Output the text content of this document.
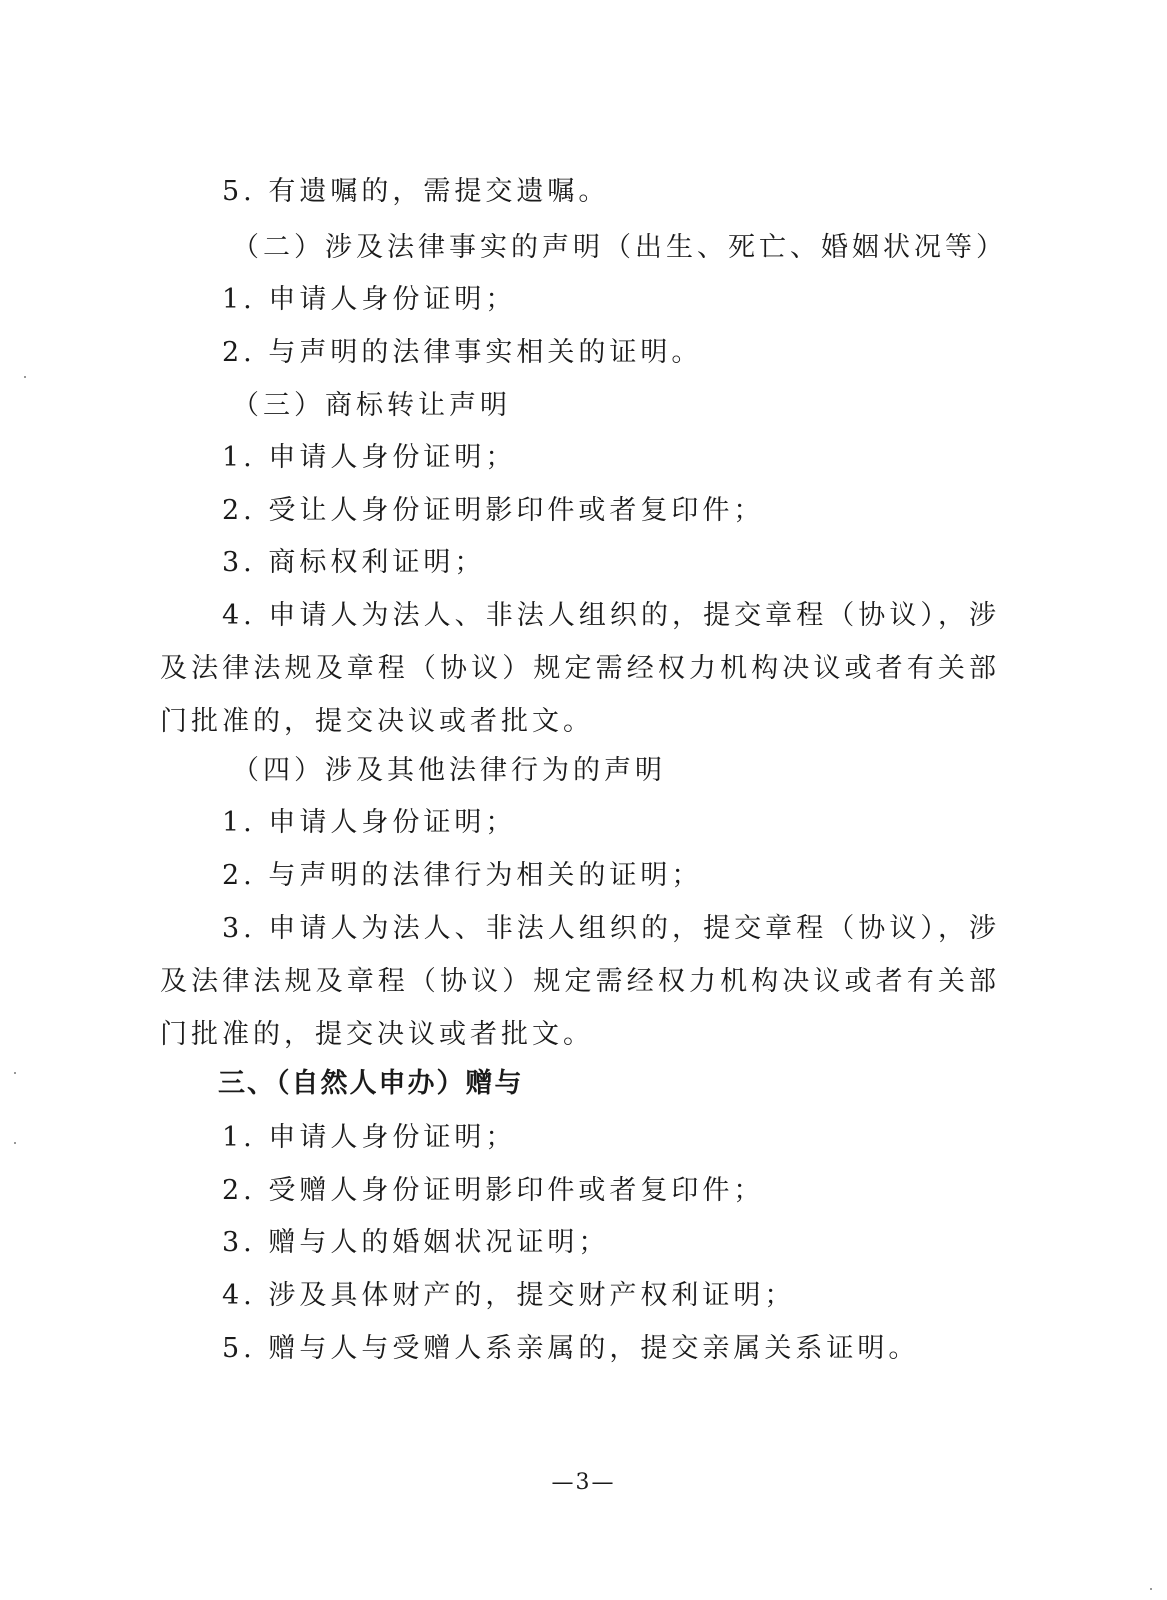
5. 有遗嘱的，需提交遗嘱。
（二）涉及法律事实的声明（出生、死亡、婚姻状况等）
1. 申请人身份证明；
2. 与声明的法律事实相关的证明。
（三）商标转让声明
1. 申请人身份证明；
2. 受让人身份证明影印件或者复印件；
3. 商标权利证明；
4. 申请人为法人、非法人组织的，提交章程（协议），涉及法律法规及章程（协议）规定需经权力机构决议或者有关部门批准的，提交决议或者批文。
（四）涉及其他法律行为的声明
1. 申请人身份证明；
2. 与声明的法律行为相关的证明；
3. 申请人为法人、非法人组织的，提交章程（协议），涉及法律法规及章程（协议）规定需经权力机构决议或者有关部门批准的，提交决议或者批文。
三、（自然人申办）赠与
1. 申请人身份证明；
2. 受赠人身份证明影印件或者复印件；
3. 赠与人的婚姻状况证明；
4. 涉及具体财产的，提交财产权利证明；
5. 赠与人与受赠人系亲属的，提交亲属关系证明。
—3—
